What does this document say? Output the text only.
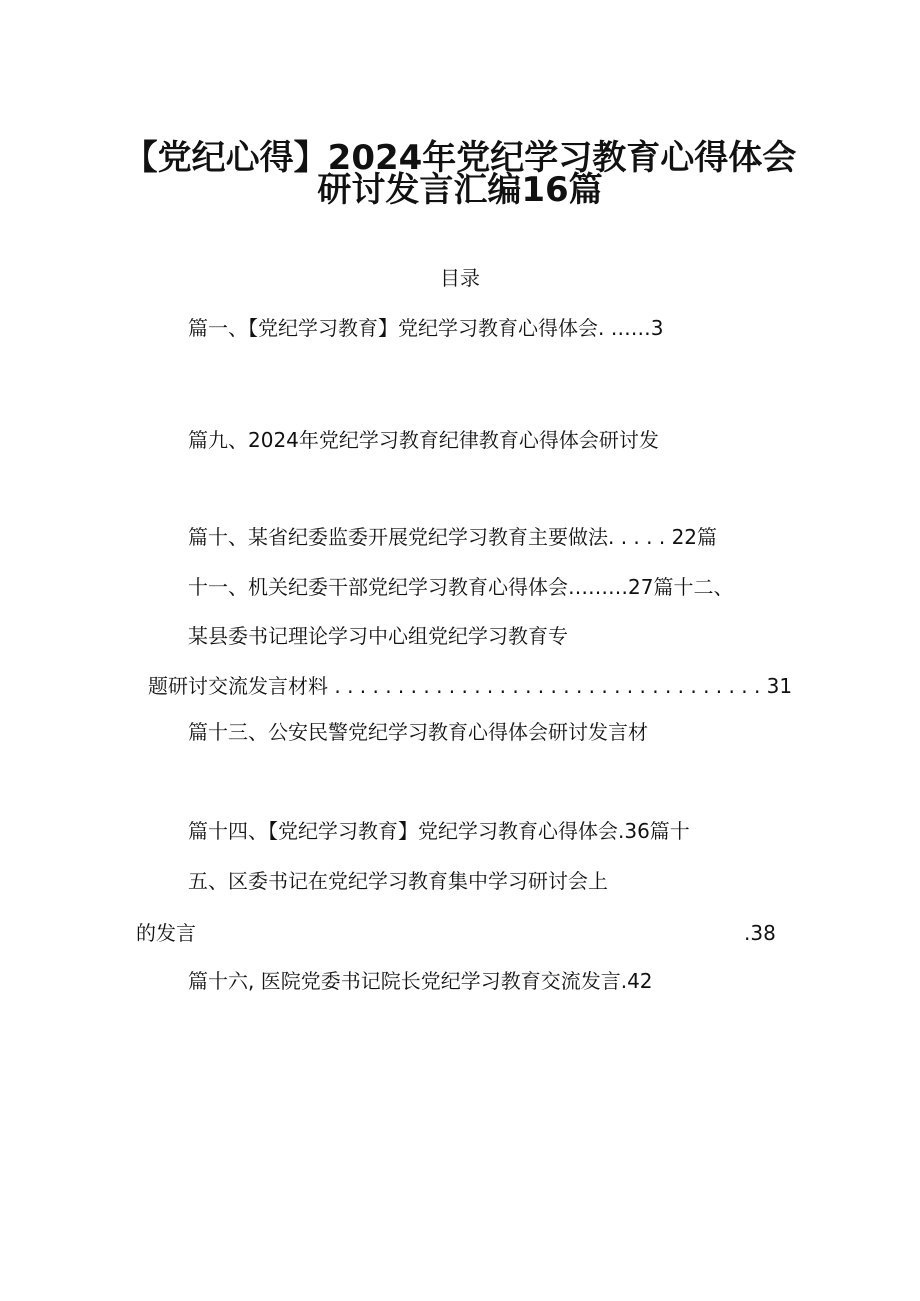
【党纪心得】2024年党纪学习教育心得体会
研讨发言汇编16篇
目录
篇一、【党纪学习教育】党纪学习教育心得体会. ……3
篇九、2024年党纪学习教育纪律教育心得体会研讨发
篇十、某省纪委监委开展党纪学习教育主要做法. . . . . 22篇
十一、机关纪委干部党纪学习教育心得体会………27篇十二、
某县委书记理论学习中心组党纪学习教育专
题研讨交流发言材料 . . . . . . . . . . . . . . . . . . . . . . . . . . . . . . . . . . 31
篇十三、公安民警党纪学习教育心得体会研讨发言材
篇十四、【党纪学习教育】党纪学习教育心得体会.36篇十
五、区委书记在党纪学习教育集中学习研讨会上
的发言	.38
篇十六, 医院党委书记院长党纪学习教育交流发言.42
